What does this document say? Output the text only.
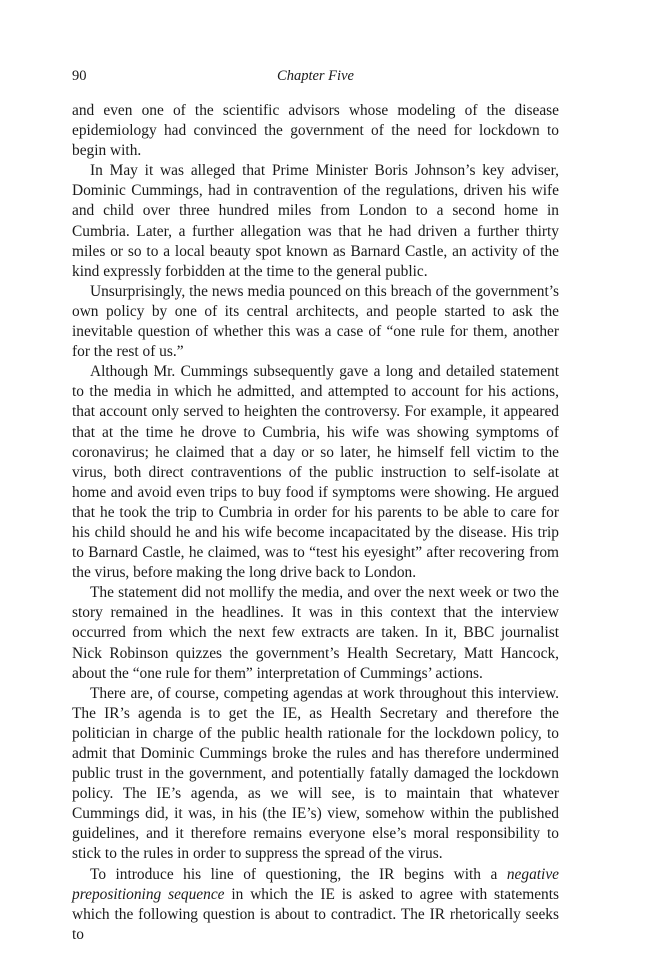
90	Chapter Five

and even one of the scientific advisors whose modeling of the disease epidemiology had convinced the government of the need for lockdown to begin with.

In May it was alleged that Prime Minister Boris Johnson’s key adviser, Dominic Cummings, had in contravention of the regulations, driven his wife and child over three hundred miles from London to a second home in Cumbria. Later, a further allegation was that he had driven a further thirty miles or so to a local beauty spot known as Barnard Castle, an activity of the kind expressly forbidden at the time to the general public.

Unsurprisingly, the news media pounced on this breach of the government’s own policy by one of its central architects, and people started to ask the inevitable question of whether this was a case of “one rule for them, another for the rest of us.”

Although Mr. Cummings subsequently gave a long and detailed statement to the media in which he admitted, and attempted to account for his actions, that account only served to heighten the controversy. For example, it appeared that at the time he drove to Cumbria, his wife was showing symptoms of coronavirus; he claimed that a day or so later, he himself fell victim to the virus, both direct contraventions of the public instruction to self-isolate at home and avoid even trips to buy food if symptoms were showing. He argued that he took the trip to Cumbria in order for his parents to be able to care for his child should he and his wife become incapacitated by the disease. His trip to Barnard Castle, he claimed, was to “test his eyesight” after recovering from the virus, before making the long drive back to London.

The statement did not mollify the media, and over the next week or two the story remained in the headlines. It was in this context that the interview occurred from which the next few extracts are taken. In it, BBC journalist Nick Robinson quizzes the government’s Health Secretary, Matt Hancock, about the “one rule for them” interpretation of Cummings’ actions.

There are, of course, competing agendas at work throughout this interview. The IR’s agenda is to get the IE, as Health Secretary and therefore the politician in charge of the public health rationale for the lockdown policy, to admit that Dominic Cummings broke the rules and has therefore undermined public trust in the government, and potentially fatally damaged the lockdown policy. The IE’s agenda, as we will see, is to maintain that whatever Cummings did, it was, in his (the IE’s) view, somehow within the published guidelines, and it therefore remains everyone else’s moral responsibility to stick to the rules in order to suppress the spread of the virus.

To introduce his line of questioning, the IR begins with a negative prepositioning sequence in which the IE is asked to agree with statements which the following question is about to contradict. The IR rhetorically seeks to
